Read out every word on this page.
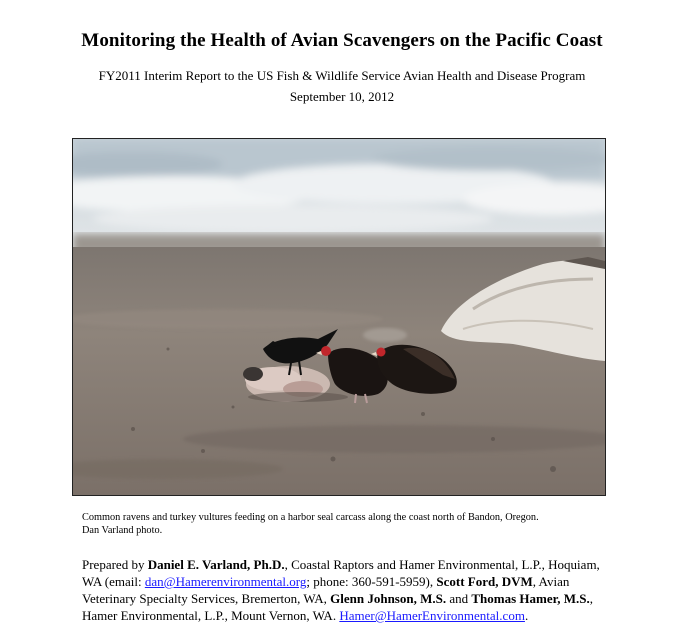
Monitoring the Health of Avian Scavengers on the Pacific Coast
FY2011 Interim Report to the US Fish & Wildlife Service Avian Health and Disease Program
September 10, 2012
Common ravens and turkey vultures feeding on a harbor seal carcass along the coast north of Bandon, Oregon.
Dan Varland photo.
Prepared by Daniel E. Varland, Ph.D., Coastal Raptors and Hamer Environmental, L.P., Hoquiam, WA (email: dan@Hamerenvironmental.org; phone: 360-591-5959), Scott Ford, DVM, Avian Veterinary Specialty Services, Bremerton, WA, Glenn Johnson, M.S. and Thomas Hamer, M.S., Hamer Environmental, L.P., Mount Vernon, WA. Hamer@HamerEnvironmental.com.
